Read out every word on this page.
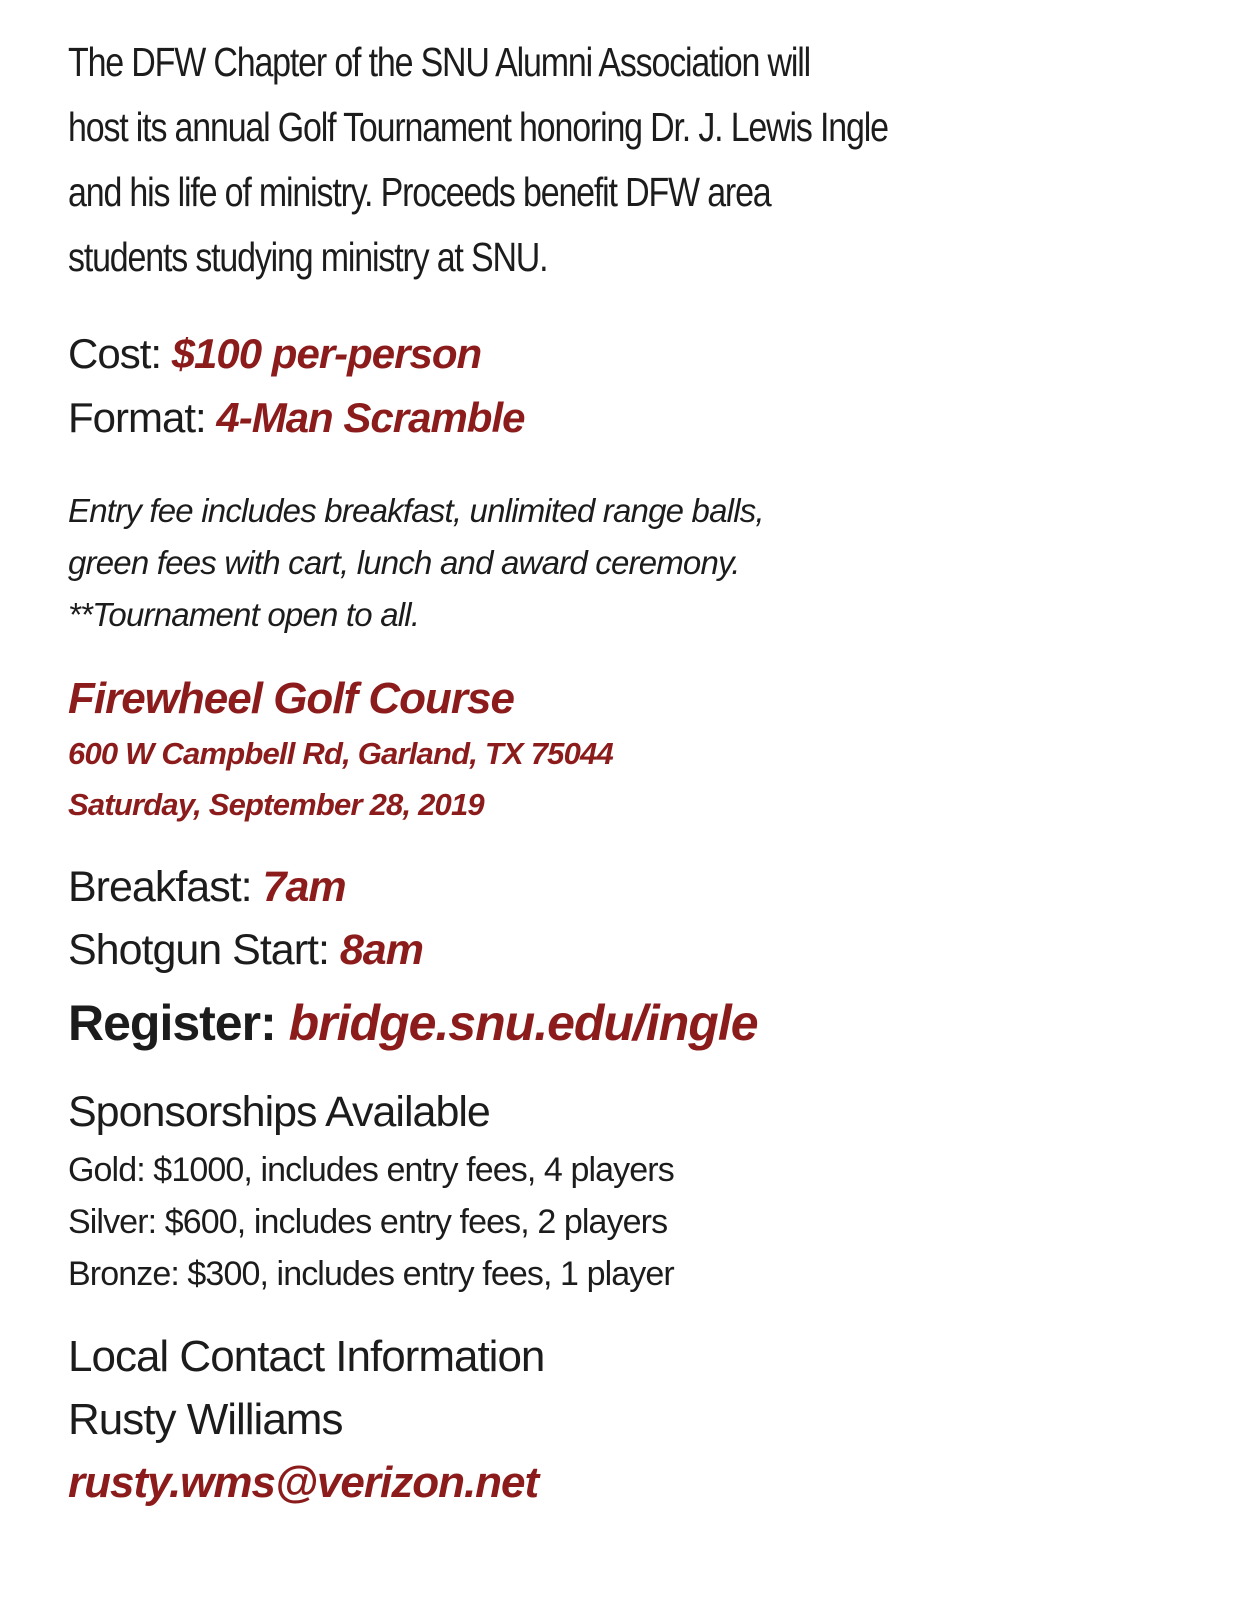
The DFW Chapter of the SNU Alumni Association will
host its annual Golf Tournament honoring Dr. J. Lewis Ingle
and his life of ministry. Proceeds benefit DFW area
students studying ministry at SNU.
Cost: $100 per-person
Format: 4-Man Scramble
Entry fee includes breakfast, unlimited range balls,
green fees with cart, lunch and award ceremony.
**Tournament open to all.
Firewheel Golf Course
600 W Campbell Rd, Garland, TX 75044
Saturday, September 28, 2019
Breakfast: 7am
Shotgun Start: 8am
Register: bridge.snu.edu/ingle
Sponsorships Available
Gold: $1000, includes entry fees, 4 players
Silver: $600, includes entry fees, 2 players
Bronze: $300, includes entry fees, 1 player
Local Contact Information
Rusty Williams
rusty.wms@verizon.net
